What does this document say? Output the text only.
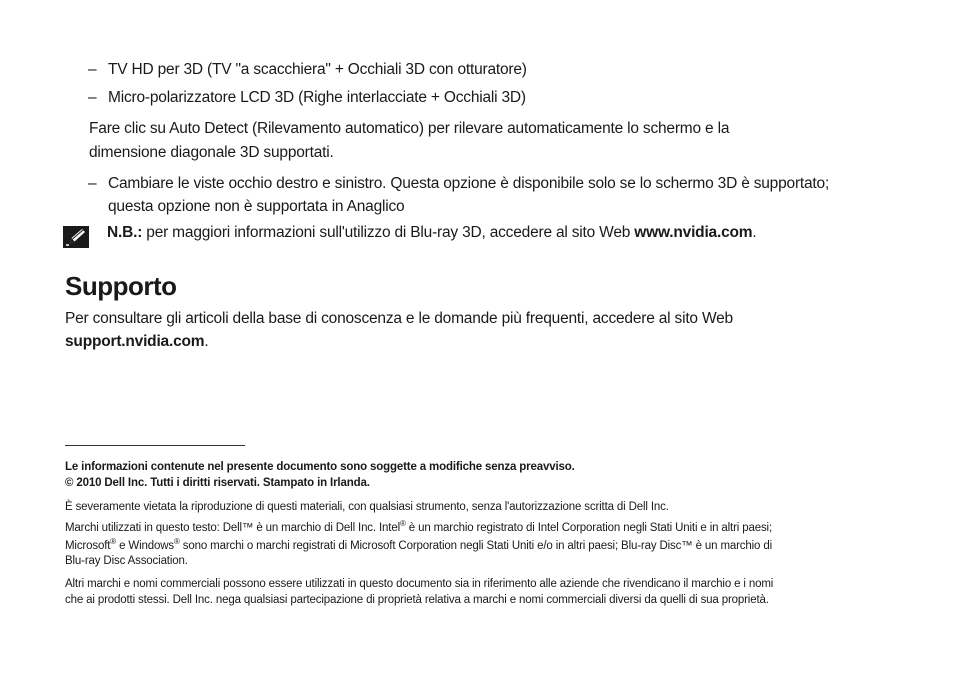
– TV HD per 3D (TV "a scacchiera" + Occhiali 3D con otturatore)
– Micro-polarizzatore LCD 3D (Righe interlacciate + Occhiali 3D)
Fare clic su Auto Detect (Rilevamento automatico) per rilevare automaticamente lo schermo e la
dimensione diagonale 3D supportati.
– Cambiare le viste occhio destro e sinistro. Questa opzione è disponibile solo se lo schermo 3D è supportato;
questa opzione non è supportata in Anaglico
N.B.: per maggiori informazioni sull'utilizzo di Blu-ray 3D, accedere al sito Web www.nvidia.com.
Supporto
Per consultare gli articoli della base di conoscenza e le domande più frequenti, accedere al sito Web
support.nvidia.com.
Le informazioni contenute nel presente documento sono soggette a modifiche senza preavviso.
© 2010 Dell Inc. Tutti i diritti riservati. Stampato in Irlanda.
È severamente vietata la riproduzione di questi materiali, con qualsiasi strumento, senza l'autorizzazione scritta di Dell Inc.
Marchi utilizzati in questo testo: Dell™ è un marchio di Dell Inc. Intel® è un marchio registrato di Intel Corporation negli Stati Uniti e in altri paesi;
Microsoft® e Windows® sono marchi o marchi registrati di Microsoft Corporation negli Stati Uniti e/o in altri paesi; Blu-ray Disc™ è un marchio di
Blu-ray Disc Association.
Altri marchi e nomi commerciali possono essere utilizzati in questo documento sia in riferimento alle aziende che rivendicano il marchio e i nomi
che ai prodotti stessi. Dell Inc. nega qualsiasi partecipazione di proprietà relativa a marchi e nomi commerciali diversi da quelli di sua proprietà.
